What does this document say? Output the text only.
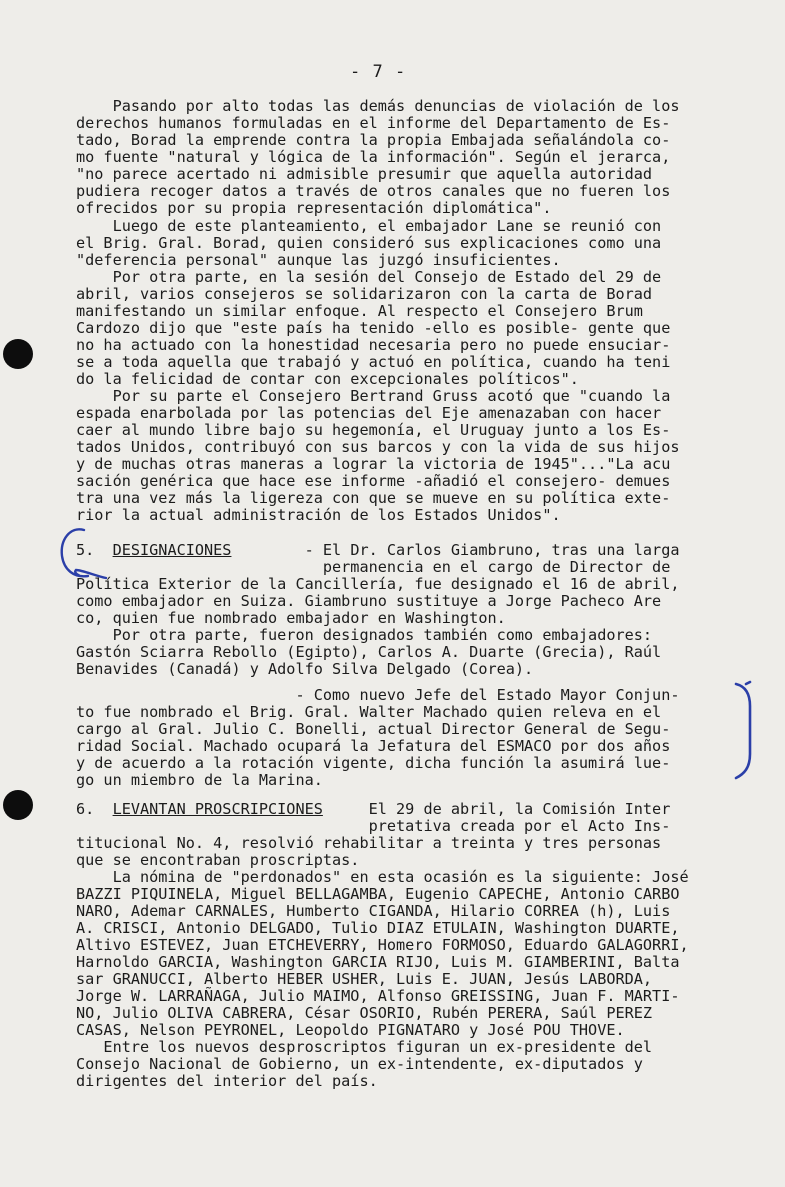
- 7 -
Pasando por alto todas las demás denuncias de violación de los
derechos humanos formuladas en el informe del Departamento de Es-
tado, Borad la emprende contra la propia Embajada señalándola co-
mo fuente "natural y lógica de la información". Según el jerarca,
"no parece acertado ni admisible presumir que aquella autoridad
pudiera recoger datos a través de otros canales que no fueren los
ofrecidos por su propia representación diplomática".
Luego de este planteamiento, el embajador Lane se reunió con
el Brig. Gral. Borad, quien consideró sus explicaciones como una
"deferencia personal" aunque las juzgó insuficientes.
Por otra parte, en la sesión del Consejo de Estado del 29 de
abril, varios consejeros se solidarizaron con la carta de Borad
manifestando un similar enfoque. Al respecto el Consejero Brum
Cardozo dijo que "este país ha tenido -ello es posible- gente que
no ha actuado con la honestidad necesaria pero no puede ensuciar-
se a toda aquella que trabajó y actuó en política, cuando ha teni
do la felicidad de contar con excepcionales políticos".
Por su parte el Consejero Bertrand Gruss acotó que "cuando la
espada enarbolada por las potencias del Eje amenazaban con hacer
caer al mundo libre bajo su hegemonía, el Uruguay junto a los Es-
tados Unidos, contribuyó con sus barcos y con la vida de sus hijos
y de muchas otras maneras a lograr la victoria de 1945"..."La acu
sación genérica que hace ese informe -añadió el consejero- demues
tra una vez más la ligereza con que se mueve en su política exte-
rior la actual administración de los Estados Unidos".
5.  DESIGNACIONES        - El Dr. Carlos Giambruno, tras una larga
permanencia en el cargo de Director de
Política Exterior de la Cancillería, fue designado el 16 de abril,
como embajador en Suiza. Giambruno sustituye a Jorge Pacheco Are
co, quien fue nombrado embajador en Washington.
Por otra parte, fueron designados también como embajadores:
Gastón Sciarra Rebollo (Egipto), Carlos A. Duarte (Grecia), Raúl
Benavides (Canadá) y Adolfo Silva Delgado (Corea).
- Como nuevo Jefe del Estado Mayor Conjun-
to fue nombrado el Brig. Gral. Walter Machado quien releva en el
cargo al Gral. Julio C. Bonelli, actual Director General de Segu-
ridad Social. Machado ocupará la Jefatura del ESMACO por dos años
y de acuerdo a la rotación vigente, dicha función la asumirá lue-
go un miembro de la Marina.
6.  LEVANTAN PROSCRIPCIONES     El 29 de abril, la Comisión Inter
pretativa creada por el Acto Ins-
titucional No. 4, resolvió rehabilitar a treinta y tres personas
que se encontraban proscriptas.
La nómina de "perdonados" en esta ocasión es la siguiente: José
BAZZI PIQUINELA, Miguel BELLAGAMBA, Eugenio CAPECHE, Antonio CARBO
NARO, Ademar CARNALES, Humberto CIGANDA, Hilario CORREA (h), Luis
A. CRISCI, Antonio DELGADO, Tulio DIAZ ETULAIN, Washington DUARTE,
Altivo ESTEVEZ, Juan ETCHEVERRY, Homero FORMOSO, Eduardo GALAGORRI,
Harnoldo GARCIA, Washington GARCIA RIJO, Luis M. GIAMBERINI, Balta
sar GRANUCCI, Alberto HEBER USHER, Luis E. JUAN, Jesús LABORDA,
Jorge W. LARRAÑAGA, Julio MAIMO, Alfonso GREISSING, Juan F. MARTI-
NO, Julio OLIVA CABRERA, César OSORIO, Rubén PERERA, Saúl PEREZ
CASAS, Nelson PEYRONEL, Leopoldo PIGNATARO y José POU THOVE.
Entre los nuevos desproscriptos figuran un ex-presidente del
Consejo Nacional de Gobierno, un ex-intendente, ex-diputados y
dirigentes del interior del país.
